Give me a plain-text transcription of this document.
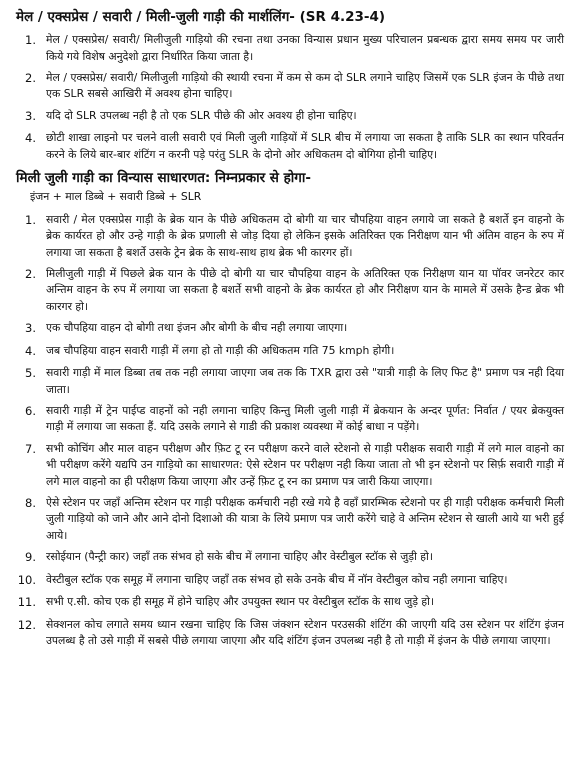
मेल / एक्सप्रेस / सवारी / मिली-जुली गाड़ी की मार्शलिंग- (SR 4.23-4)
1. मेल / एक्सप्रेस/ सवारी/ मिलीजुली गाड़ियो की रचना तथा उनका विन्यास प्रधान मुख्य परिचालन प्रबन्धक द्वारा समय समय पर जारी किये गये विशेष अनुदेशो द्वारा निर्धारित किया जाता है।
2. मेल / एक्सप्रेस/ सवारी/ मिलीजुली गाड़ियो की स्थायी रचना में कम से कम दो SLR लगाने चाहिए जिसमें एक SLR इंजन के पीछे तथा एक SLR सबसे आखिरी में अवश्य होना चाहिए।
3. यदि दो SLR उपलब्ध नही है तो एक SLR पीछे की ओर अवश्य ही होना चाहिए।
4. छोटी शाखा लाइनो पर चलने वाली सवारी एवं मिली जुली गाड़ियों में SLR बीच में लगाया जा सकता है ताकि SLR का स्थान परिवर्तन करने के लिये बार-बार शंटिंग न करनी पड़े परंतु SLR के दोनो ओर अधिकतम दो बोगिया होनी चाहिए।
मिली जुली गाड़ी का विन्यास साधारणत: निम्नप्रकार से होगा-
इंजन + माल डिब्बे + सवारी डिब्बे + SLR
1. सवारी / मेल एक्सप्रेस गाड़ी के ब्रेक यान के पीछे अधिकतम दो बोगी या चार चौपहिया वाहन लगाये जा सकते है बशर्ते इन वाहनो के ब्रेक कार्यरत हो और उन्हे गाड़ी के ब्रेक प्रणाली से जोड़ दिया हो लेकिन इसके अतिरिक्त एक निरीक्षण यान भी अंतिम वाहन के रुप में लगाया जा सकता है बशर्ते उसके ट्रेन ब्रेक के साथ-साथ हाथ ब्रेक भी कारगर हों।
2. मिलीजुली गाड़ी में पिछले ब्रेक यान के पीछे दो बोगी या चार चौपहिया वाहन के अतिरिक्त एक निरीक्षण यान या पॉवर जनरेटर कार अन्तिम वाहन के रुप में लगाया जा सकता है बशर्ते सभी वाहनो के ब्रेक कार्यरत हो और निरीक्षण यान के मामले में उसके हैन्ड ब्रेक भी कारगर हो।
3. एक चौपहिया वाहन दो बोगी तथा इंजन और बोगी के बीच नही लगाया जाएगा।
4. जब चौपहिया वाहन सवारी गाड़ी में लगा हो तो गाड़ी की अधिकतम गति 75 kmph होगी।
5. सवारी गाड़ी में माल डिब्बा तब तक नही लगाया जाएगा जब तक कि TXR द्वारा उसे "यात्री गाड़ी के लिए फिट है" प्रमाण पत्र नही दिया जाता।
6. सवारी गाड़ी में ट्रेन पाईप्ड वाहनों को नही लगाना चाहिए किन्तु मिली जुली गाड़ी में ब्रेकयान के अन्दर पूर्णत: निर्वात / एयर ब्रेकयुक्त गाड़ी में लगाया जा सकता हैं. यदि उसके लगाने से गाडी की प्रकाश व्यवस्था में कोई बाधा न पड़ेंगे।
7. सभी कोचिंग और माल वाहन परीक्षण और फ़िट टू रन परीक्षण करने वाले स्टेशनो से गाड़ी परीक्षक सवारी गाड़ी में लगे माल वाहनो का भी परीक्षण करेंगे यद्यपि उन गाड़ियो का साधारणत: ऐसे स्टेशन पर परीक्षण नही किया जाता तो भी इन स्टेशनो पर सिर्फ़ सवारी गाड़ी में लगे माल वाहनो का ही परीक्षण किया जाएगा और उन्हें फ़िट टू रन का प्रमाण पत्र जारी किया जाएगा।
8. ऐसे स्टेशन पर जहाँ अन्तिम स्टेशन पर गाड़ी परीक्षक कर्मचारी नही रखे गये है वहाँ प्रारम्भिक स्टेशनो पर ही गाड़ी परीक्षक कर्मचारी मिली जुली गाड़ियो को जाने और आने दोनो दिशाओ की यात्रा के लिये प्रमाण पत्र जारी करेंगे चाहे वे अन्तिम स्टेशन से खाली आये या भरी हुई आये।
9. रसोईयान (पैन्ट्री कार) जहाँ तक संभव हो सके बीच में लगाना चाहिए और वेस्टीबुल स्टॉक से जुड़ी हो।
10. वेस्टीबुल स्टॉक एक समूह में लगाना चाहिए जहाँ तक संभव हो सके उनके बीच में नॉन वेस्टीबुल कोच नही लगाना चाहिए।
11. सभी ए.सी. कोच एक ही समूह में होने चाहिए और उपयुक्त स्थान पर वेस्टीबुल स्टॉक के साथ जुड़े हो।
12. सेक्शनल कोच लगाते समय ध्यान रखना चाहिए कि जिस जंक्शन स्टेशन परउसकी शंटिंग की जाएगी यदि उस स्टेशन पर शंटिंग इंजन उपलब्ध है तो उसे गाड़ी में सबसे पीछे लगाया जाएगा और यदि शंटिंग इंजन उपलब्ध नही है तो गाड़ी में इंजन के पीछे लगाया जाएगा।
